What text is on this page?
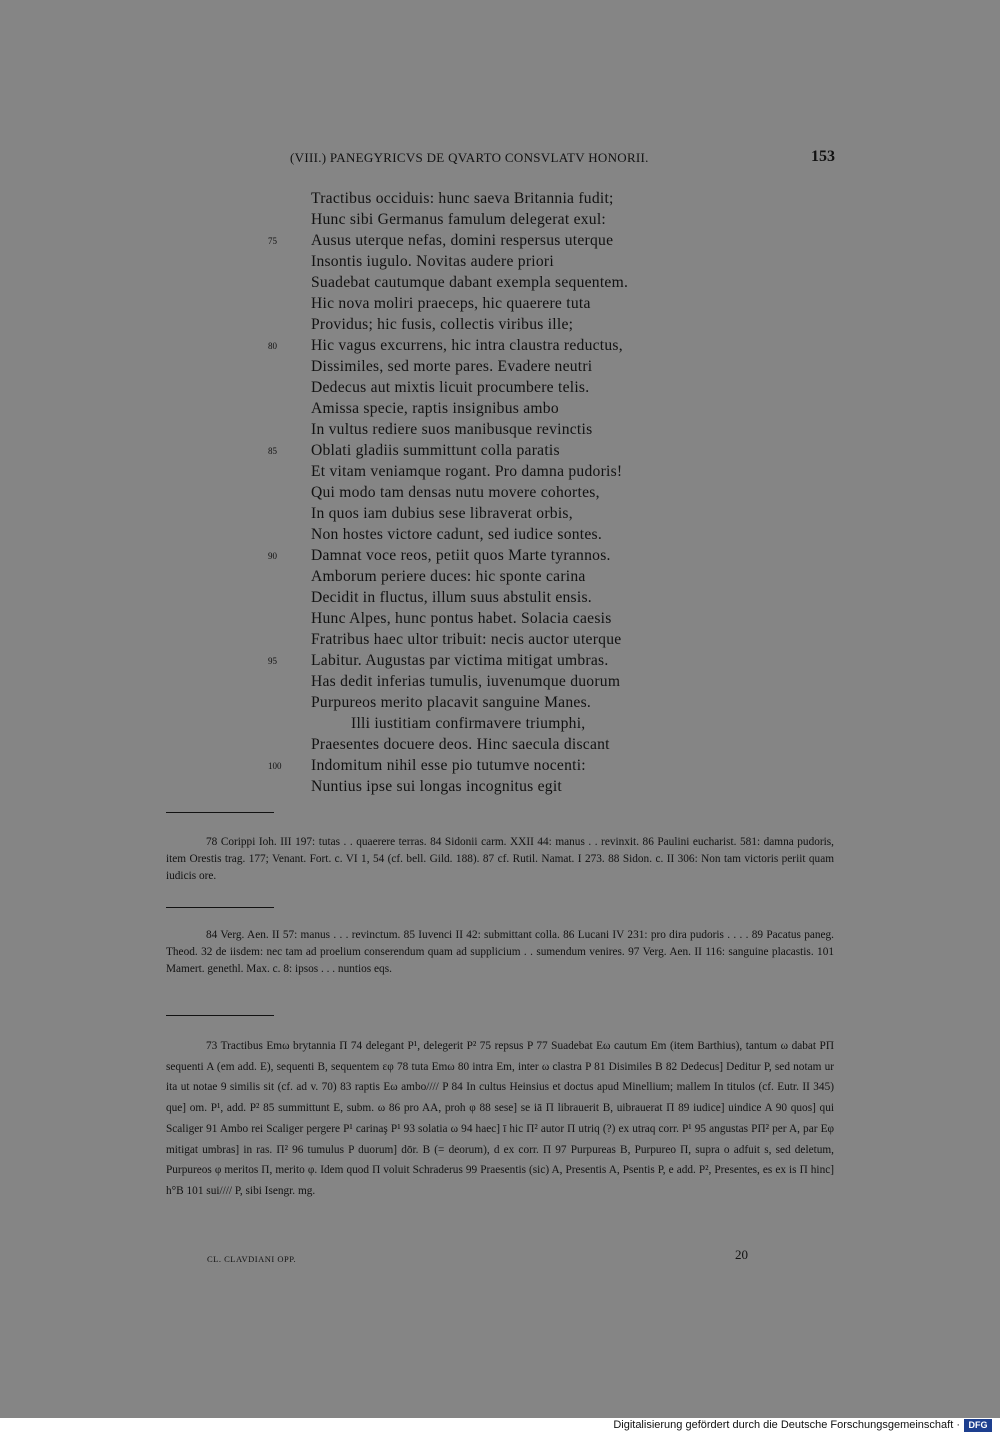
(VIII.) PANEGYRICVS DE QVARTO CONSVLATV HONORII.	153
Tractibus occiduis: hunc saeva Britannia fudit;
Hunc sibi Germanus famulum delegerat exul:
75	Ausus uterque nefas, domini respersus uterque
Insontis iugulo. Novitas audere priori
Suadebat cautumque dabant exempla sequentem.
Hic nova moliri praeceps, hic quaerere tuta
Providus; hic fusis, collectis viribus ille;
80	Hic vagus excurrens, hic intra claustra reductus,
Dissimiles, sed morte pares. Evadere neutri
Dedecus aut mixtis licuit procumbere telis.
Amissa specie, raptis insignibus ambo
In vultus rediere suos manibusque revinctis
85	Oblati gladiis summittunt colla paratis
Et vitam veniamque rogant. Pro damna pudoris!
Qui modo tam densas nutu movere cohortes,
In quos iam dubius sese libraverat orbis,
Non hostes victore cadunt, sed iudice sontes.
90	Damnat voce reos, petiit quos Marte tyrannos.
Amborum periere duces: hic sponte carina
Decidit in fluctus, illum suus abstulit ensis.
Hunc Alpes, hunc pontus habet. Solacia caesis
Fratribus haec ultor tribuit: necis auctor uterque
95	Labitur. Augustas par victima mitigat umbras.
Has dedit inferias tumulis, iuvenumque duorum
Purpureos merito placavit sanguine Manes.
Illi iustitiam confirmavere triumphi,
Praesentes docuere deos. Hinc saecula discant
100	Indomitum nihil esse pio tutumve nocenti:
Nuntius ipse sui longas incognitus egit

78 Corippi Ioh. III 197: tutas . . quaerere terras. 84 Sidonii carm. XXII 44: manus . . revinxit. 86 Paulini eucharist. 581: damna pudoris, item Orestis trag. 177; Venant. Fort. c. VI 1, 54 (cf. bell. Gild. 188). 87 cf. Rutil. Namat. I 273. 88 Sidon. c. II 306: Non tam victoris periit quam iudicis ore.

84 Verg. Aen. II 57: manus . . . revinctum. 85 Iuvenci II 42: submittant colla. 86 Lucani IV 231: pro dira pudoris . . . . 89 Pacatus paneg. Theod. 32 de iisdem: nec tam ad proelium conserendum quam ad supplicium . . sumendum venires. 97 Verg. Aen. II 116: sanguine placastis. 101 Mamert. genethl. Max. c. 8: ipsos . . . nuntios eqs.

73 Tractibus Emω brytannia Π 74 delegant P¹, delegerit P² 75 repsus P 77 Suadebat Eω cautum Em (item Barthius), tantum ω dabat PΠ sequenti A (em add. E), sequenti B, sequentem εφ 78 tuta Emω 80 intra Em, inter ω clastra P 81 Disimiles B 82 Dedecus] Deditur P, sed notam ur ita ut notae 9 similis sit (cf. ad v. 70) 83 raptis Eω ambo//// P 84 In cultus Heinsius et doctus apud Minellium; mallem In titulos (cf. Eutr. II 345) que] om. P¹, add. P² 85 summittunt E, subm. ω 86 pro AA, proh φ 88 sese] se iā Π librauerit B, uibrauerat Π 89 iudice] uindice A 90 quos] qui Scaliger 91 Ambo rei Scaliger pergere P¹ carinaş P¹ 93 solatia ω 94 haec] ī hic Π² autor Π utriq (?) ex utraq corr. P¹ 95 angustas PΠ² per A, par Eφ mitigat umbras] in ras. Π² 96 tumulus P duorum] dōr. B (= deorum), d ex corr. Π 97 Purpureas B, Purpureo Π, supra o adfuit s, sed deletum, Purpureos φ meritos Π, merito φ. Idem quod Π voluit Schraderus 99 Praesentis (sic) A, Presentis A, Psentis P, e add. P², Presentes, es ex is Π hinc] h°B 101 sui//// P, sibi Isengr. mg.

CL. CLAVDIANI OPP.	20
Digitalisierung gefördert durch die Deutsche Forschungsgemeinschaft · DFG
